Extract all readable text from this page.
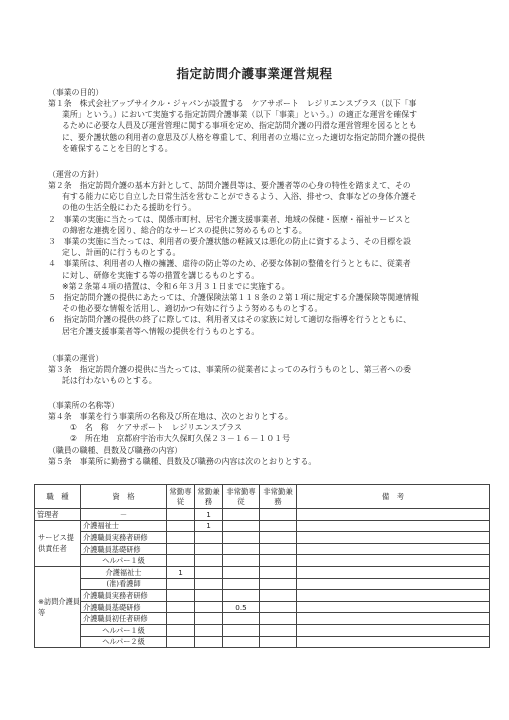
指定訪問介護事業運営規程
（事業の目的）
第１条　株式会社アップサイクル・ジャパンが設置する　ケアサポート　レジリエンスプラス（以下「事
業所」という。）において実施する指定訪問介護事業（以下「事業」という。）の適正な運営を確保す
るために必要な人員及び運営管理に関する事項を定め、指定訪問介護の円滑な運営管理を図るととも
に、要介護状態の利用者の意思及び人格を尊重して、利用者の立場に立った適切な指定訪問介護の提供
を確保することを目的とする。
（運営の方針）
第２条　指定訪問介護の基本方針として、訪問介護員等は、要介護者等の心身の特性を踏まえて、その
有する能力に応じ自立した日常生活を営むことができるよう、入浴、排せつ、食事などの身体介護そ
の他の生活全般にわたる援助を行う。
２　事業の実施に当たっては、関係市町村、居宅介護支援事業者、地域の保健・医療・福祉サービスと
の綿密な連携を図り、総合的なサービスの提供に努めるものとする。
３　事業の実施に当たっては、利用者の要介護状態の軽減又は悪化の防止に資するよう、その目標を設
定し、計画的に行うものとする。
４　事業所は、利用者の人権の擁護、虐待の防止等のため、必要な体制の整備を行うとともに、従業者
に対し、研修を実施する等の措置を講じるものとする。
※第２条第４項の措置は、令和６年３月３１日までに実施する。
５　指定訪問介護の提供にあたっては、介護保険法第１１８条の２第１項に規定する介護保険等関連情報
その他必要な情報を活用し、適切かつ有効に行うよう努めるものとする。
６　指定訪問介護の提供の終了に際しては、利用者又はその家族に対して適切な指導を行うとともに、
居宅介護支援事業者等へ情報の提供を行うものとする。
（事業の運営）
第３条　指定訪問介護の提供に当たっては、事業所の従業者によってのみ行うものとし、第三者への委
託は行わないものとする。
（事業所の名称等）
第４条　事業を行う事業所の名称及び所在地は、次のとおりとする。
　①　名　称　ケアサポート　レジリエンスプラス
　②　所在地　京都府宇治市大久保町久保２３－１６－１０１号
（職員の職種、員数及び職務の内容）
第５条　事業所に勤務する職種、員数及び職務の内容は次のとおりとする。
職　種	資　格	常勤専従	常勤兼務	非常勤専従	非常勤兼務	備　考
管理者	－		1			
サービス提供責任者	介護福祉士		1			
	介護職員実務者研修					
	介護職員基礎研修					
	ヘルパー１級					
※訪問介護員等	介護福祉士	1				
	(准)看護師					
	介護職員実務者研修					
	介護職員基礎研修			0.5		
	介護職員初任者研修					
	ヘルパー１級					
	ヘルパー２級					
